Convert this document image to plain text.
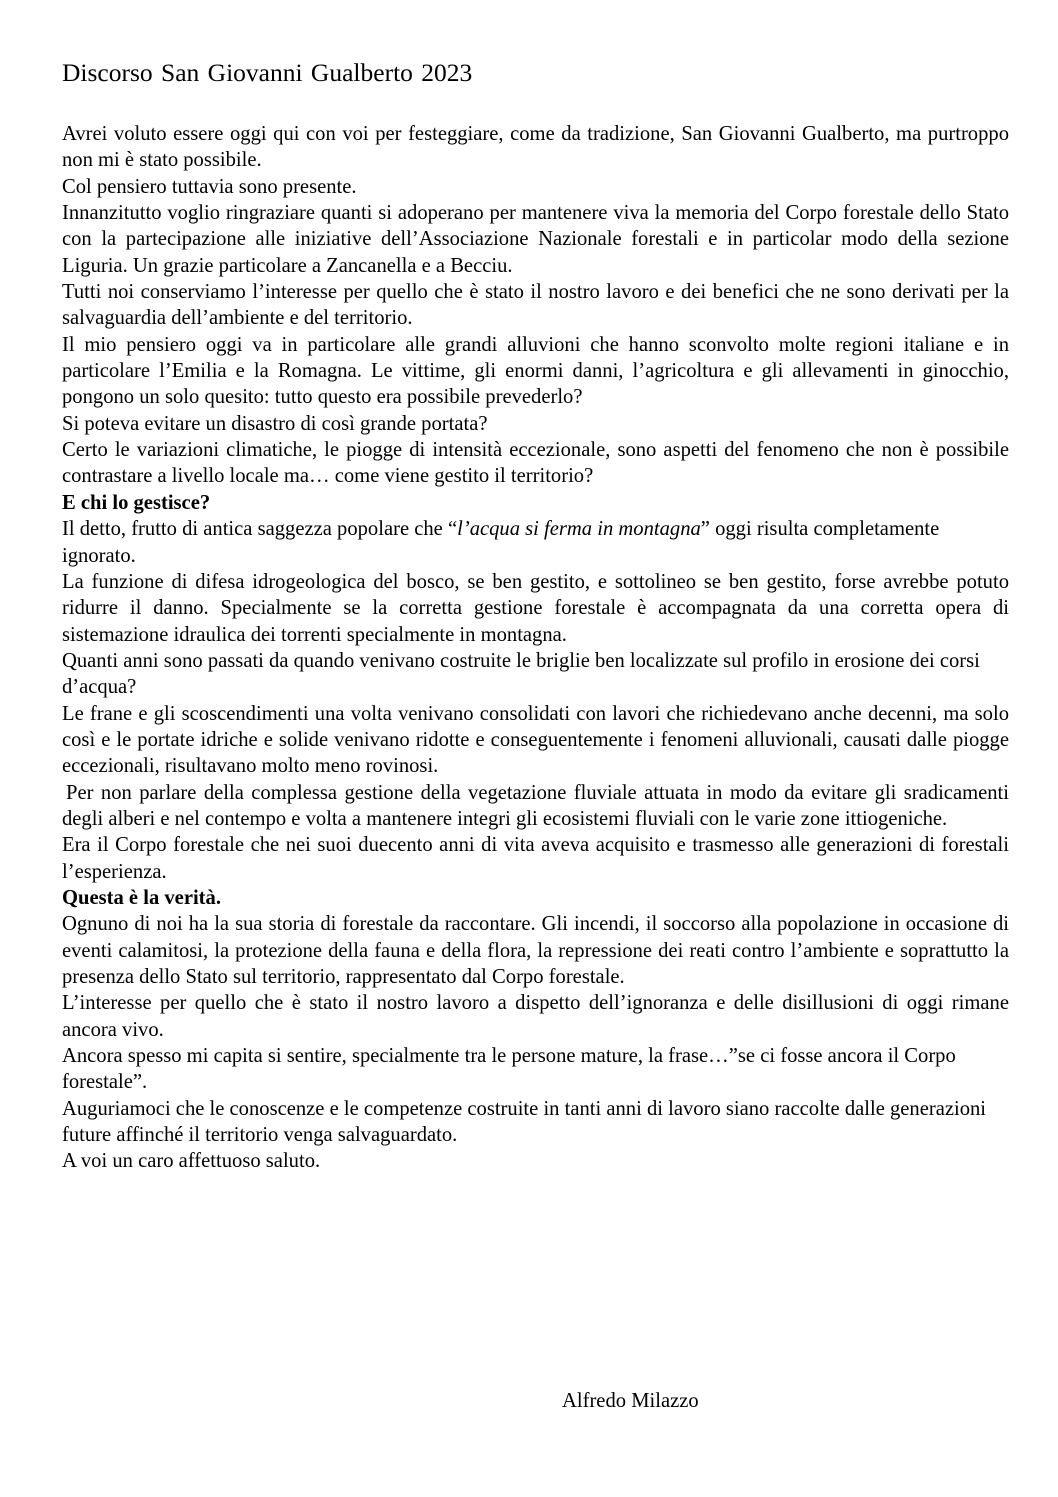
Discorso San Giovanni Gualberto 2023

Avrei voluto essere oggi qui con voi per festeggiare, come da tradizione, San Giovanni Gualberto, ma purtroppo non mi è stato possibile.

Col pensiero tuttavia sono presente.

Innanzitutto voglio ringraziare quanti si adoperano per mantenere viva la memoria del Corpo forestale dello Stato con la partecipazione alle iniziative dell’Associazione Nazionale forestali e in particolar modo della sezione Liguria. Un grazie particolare a Zancanella e a Becciu.

Tutti noi conserviamo l’interesse per quello che è stato il nostro lavoro e dei benefici che ne sono derivati per la salvaguardia dell’ambiente e del territorio.

Il mio pensiero oggi va in particolare alle grandi alluvioni che hanno sconvolto molte regioni italiane e in particolare l’Emilia e la Romagna. Le vittime, gli enormi danni, l’agricoltura e gli allevamenti in ginocchio, pongono un solo quesito: tutto questo era possibile prevederlo?

Si poteva evitare un disastro di così grande portata?

Certo le variazioni climatiche, le piogge di intensità eccezionale, sono aspetti del fenomeno che non è possibile contrastare a livello locale ma… come viene gestito il territorio?

E chi lo gestisce?

Il detto, frutto di antica saggezza popolare che “l’acqua si ferma in montagna” oggi risulta completamente ignorato.

La funzione di difesa idrogeologica del bosco, se ben gestito, e sottolineo se ben gestito, forse avrebbe potuto ridurre il danno. Specialmente se la corretta gestione forestale è accompagnata da una corretta opera di sistemazione idraulica dei torrenti specialmente in montagna.

Quanti anni sono passati da quando venivano costruite le briglie ben localizzate sul profilo in erosione dei corsi d’acqua?

Le frane e gli scoscendimenti una volta venivano consolidati con lavori che richiedevano anche decenni, ma solo così e le portate idriche e solide venivano ridotte e conseguentemente i fenomeni alluvionali, causati dalle piogge eccezionali, risultavano molto meno rovinosi.

Per non parlare della complessa gestione della vegetazione fluviale attuata in modo da evitare gli sradicamenti degli alberi e nel contempo e volta a mantenere integri gli ecosistemi fluviali con le varie zone ittiogeniche.

Era il Corpo forestale che nei suoi duecento anni di vita aveva acquisito e trasmesso alle generazioni di forestali l’esperienza.

Questa è la verità.

Ognuno di noi ha la sua storia di forestale da raccontare. Gli incendi, il soccorso alla popolazione in occasione di eventi calamitosi, la protezione della fauna e della flora, la repressione dei reati contro l’ambiente e soprattutto la presenza dello Stato sul territorio, rappresentato dal Corpo forestale.

L’interesse per quello che è stato il nostro lavoro a dispetto dell’ignoranza e delle disillusioni di oggi rimane ancora vivo.

Ancora spesso mi capita si sentire, specialmente tra le persone mature, la frase…”se ci fosse ancora il Corpo forestale”.

Auguriamoci che le conoscenze e le competenze costruite in tanti anni di lavoro siano raccolte dalle generazioni future affinché il territorio venga salvaguardato.

A voi un caro affettuoso saluto.

Alfredo Milazzo
